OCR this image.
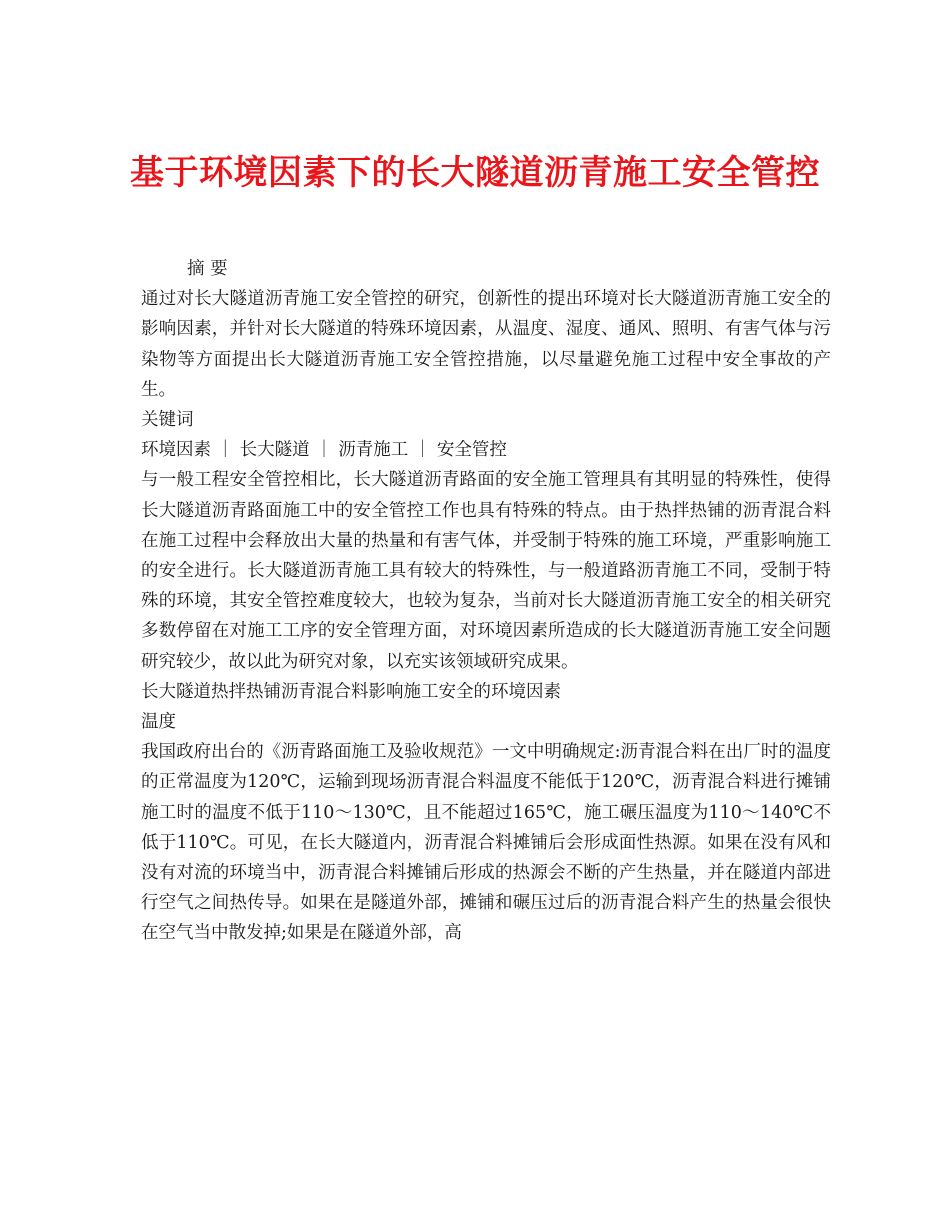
基于环境因素下的长大隧道沥青施工安全管控

摘 要

通过对长大隧道沥青施工安全管控的研究，创新性的提出环境对长大隧道沥青施工安全的影响因素，并针对长大隧道的特殊环境因素，从温度、湿度、通风、照明、有害气体与污染物等方面提出长大隧道沥青施工安全管控措施，以尽量避免施工过程中安全事故的产生。

关键词

环境因素 ｜ 长大隧道 ｜ 沥青施工 ｜ 安全管控

与一般工程安全管控相比，长大隧道沥青路面的安全施工管理具有其明显的特殊性，使得长大隧道沥青路面施工中的安全管控工作也具有特殊的特点。由于热拌热铺的沥青混合料在施工过程中会释放出大量的热量和有害气体，并受制于特殊的施工环境，严重影响施工的安全进行。长大隧道沥青施工具有较大的特殊性，与一般道路沥青施工不同，受制于特殊的环境，其安全管控难度较大，也较为复杂，当前对长大隧道沥青施工安全的相关研究多数停留在对施工工序的安全管理方面，对环境因素所造成的长大隧道沥青施工安全问题研究较少，故以此为研究对象，以充实该领域研究成果。

长大隧道热拌热铺沥青混合料影响施工安全的环境因素

温度

我国政府出台的《沥青路面施工及验收规范》一文中明确规定:沥青混合料在出厂时的温度的正常温度为120℃，运输到现场沥青混合料温度不能低于120℃，沥青混合料进行摊铺施工时的温度不低于110～130℃，且不能超过165℃，施工碾压温度为110～140℃不低于110℃。可见，在长大隧道内，沥青混合料摊铺后会形成面性热源。如果在没有风和没有对流的环境当中，沥青混合料摊铺后形成的热源会不断的产生热量，并在隧道内部进行空气之间热传导。如果在是隧道外部，摊铺和碾压过后的沥青混合料产生的热量会很快在空气当中散发掉;如果是在隧道外部，高
